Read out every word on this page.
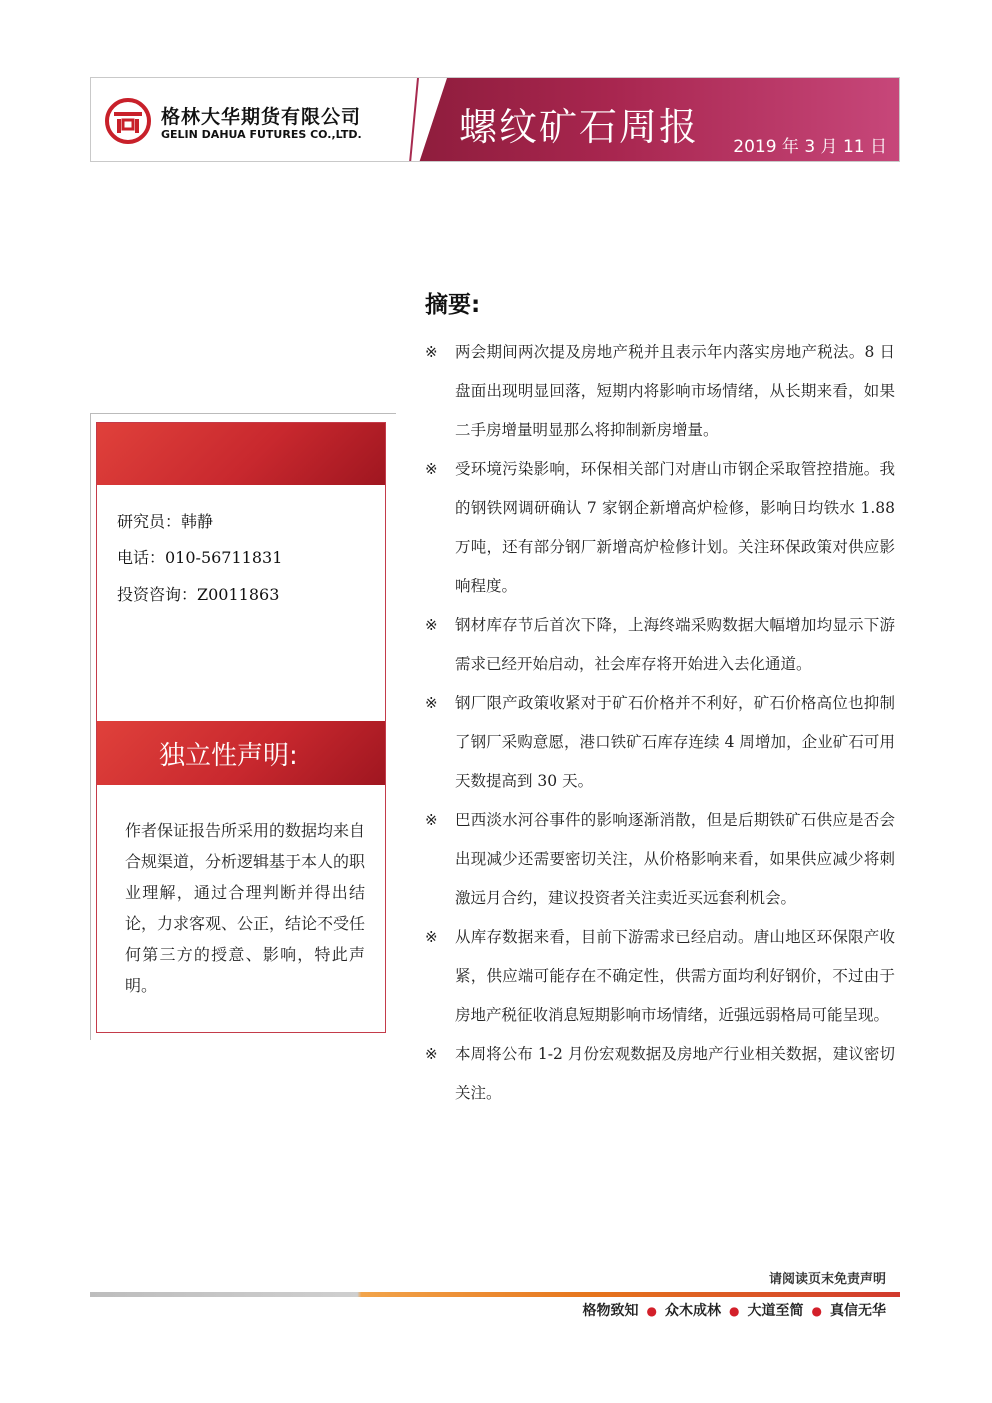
格林大华期货有限公司
GELIN DAHUA FUTURES CO.,LTD.	螺纹矿石周报 2019 年 3 月 11 日
研究员：韩静
电话：010-56711831
投资咨询：Z0011863
独立性声明:
作者保证报告所采用的数据均来自合规渠道，分析逻辑基于本人的职业理解，通过合理判断并得出结论，力求客观、公正，结论不受任何第三方的授意、影响，特此声明。
摘要:
※ 两会期间两次提及房地产税并且表示年内落实房地产税法。8 日盘面出现明显回落，短期内将影响市场情绪，从长期来看，如果二手房增量明显那么将抑制新房增量。
※ 受环境污染影响，环保相关部门对唐山市钢企采取管控措施。我的钢铁网调研确认 7 家钢企新增高炉检修，影响日均铁水 1.88 万吨，还有部分钢厂新增高炉检修计划。关注环保政策对供应影响程度。
※ 钢材库存节后首次下降，上海终端采购数据大幅增加均显示下游需求已经开始启动，社会库存将开始进入去化通道。
※ 钢厂限产政策收紧对于矿石价格并不利好，矿石价格高位也抑制了钢厂采购意愿，港口铁矿石库存连续 4 周增加，企业矿石可用天数提高到 30 天。
※ 巴西淡水河谷事件的影响逐渐消散，但是后期铁矿石供应是否会出现减少还需要密切关注，从价格影响来看，如果供应减少将刺激远月合约，建议投资者关注卖近买远套利机会。
※ 从库存数据来看，目前下游需求已经启动。唐山地区环保限产收紧，供应端可能存在不确定性，供需方面均利好钢价，不过由于房地产税征收消息短期影响市场情绪，近强远弱格局可能呈现。
※ 本周将公布 1-2 月份宏观数据及房地产行业相关数据，建议密切关注。
请阅读页末免责声明
格物致知 ● 众木成林 ● 大道至简 ● 真信无华
